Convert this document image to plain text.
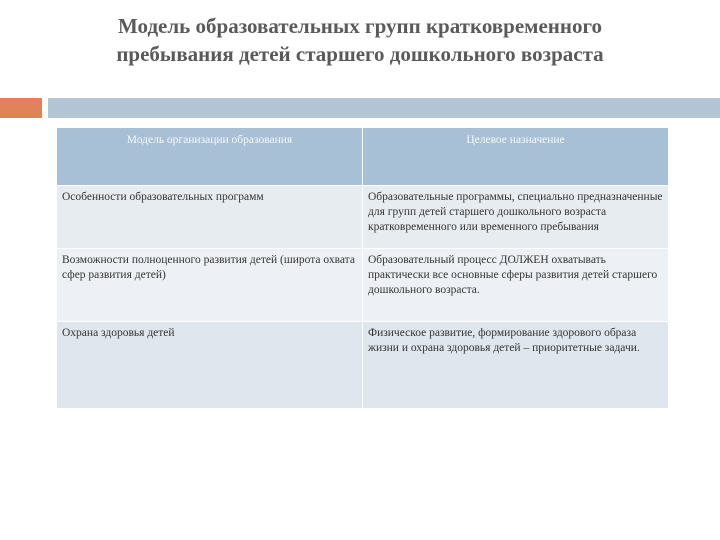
Модель образовательных групп кратковременного
пребывания детей старшего дошкольного возраста
Модель организации образования	Целевое назначение
Особенности образовательных программ	Образовательные программы, специально предназначенные для групп детей старшего дошкольного возраста кратковременного или временного пребывания
Возможности полноценного развития детей (широта охвата сфер развития детей)	Образовательный процесс ДОЛЖЕН охватывать практически все основные сферы развития детей старшего дошкольного возраста.
Охрана здоровья детей	Физическое развитие, формирование здорового образа жизни и охрана здоровья детей – приоритетные задачи.
